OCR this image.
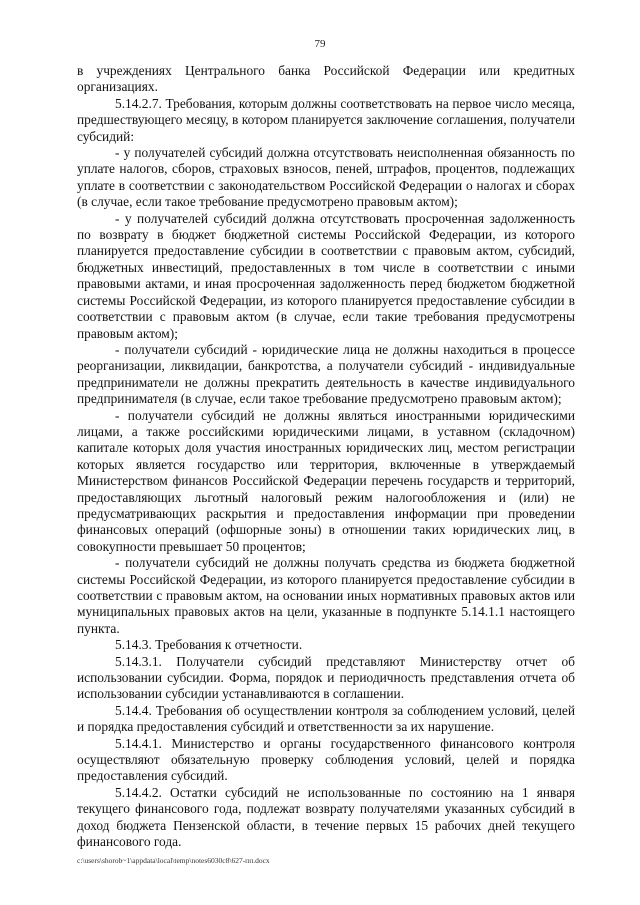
79

в учреждениях Центрального банка Российской Федерации или кредитных организациях.

5.14.2.7. Требования, которым должны соответствовать на первое число месяца, предшествующего месяцу, в котором планируется заключение соглашения, получатели субсидий:

- у получателей субсидий должна отсутствовать неисполненная обязанность по уплате налогов, сборов, страховых взносов, пеней, штрафов, процентов, подлежащих уплате в соответствии с законодательством Российской Федерации о налогах и сборах (в случае, если такое требование предусмотрено правовым актом);

- у получателей субсидий должна отсутствовать просроченная задолженность по возврату в бюджет бюджетной системы Российской Федерации, из которого планируется предоставление субсидии в соответствии с правовым актом, субсидий, бюджетных инвестиций, предоставленных в том числе в соответствии с иными правовыми актами, и иная просроченная задолженность перед бюджетом бюджетной системы Российской Федерации, из которого планируется предоставление субсидии в соответствии с правовым актом (в случае, если такие требования предусмотрены правовым актом);

- получатели субсидий - юридические лица не должны находиться в процессе реорганизации, ликвидации, банкротства, а получатели субсидий - индивидуальные предприниматели не должны прекратить деятельность в качестве индивидуального предпринимателя (в случае, если такое требование предусмотрено правовым актом);

- получатели субсидий не должны являться иностранными юридическими лицами, а также российскими юридическими лицами, в уставном (складочном) капитале которых доля участия иностранных юридических лиц, местом регистрации которых является государство или территория, включенные в утверждаемый Министерством финансов Российской Федерации перечень государств и территорий, предоставляющих льготный налоговый режим налогообложения и (или) не предусматривающих раскрытия и предоставления информации при проведении финансовых операций (офшорные зоны) в отношении таких юридических лиц, в совокупности превышает 50 процентов;

- получатели субсидий не должны получать средства из бюджета бюджетной системы Российской Федерации, из которого планируется предоставление субсидии в соответствии с правовым актом, на основании иных нормативных правовых актов или муниципальных правовых актов на цели, указанные в подпункте 5.14.1.1 настоящего пункта.

5.14.3. Требования к отчетности.

5.14.3.1. Получатели субсидий представляют Министерству отчет об использовании субсидии. Форма, порядок и периодичность представления отчета об использовании субсидии устанавливаются в соглашении.

5.14.4. Требования об осуществлении контроля за соблюдением условий, целей и порядка предоставления субсидий и ответственности за их нарушение.

5.14.4.1. Министерство и органы государственного финансового контроля осуществляют обязательную проверку соблюдения условий, целей и порядка предоставления субсидий.

5.14.4.2. Остатки субсидий не использованные по состоянию на 1 января текущего финансового года, подлежат возврату получателями указанных субсидий в доход бюджета Пензенской области, в течение первых 15 рабочих дней текущего финансового года.

c:\users\shorob~1\appdata\local\temp\notes6030c8\627-пп.docx
